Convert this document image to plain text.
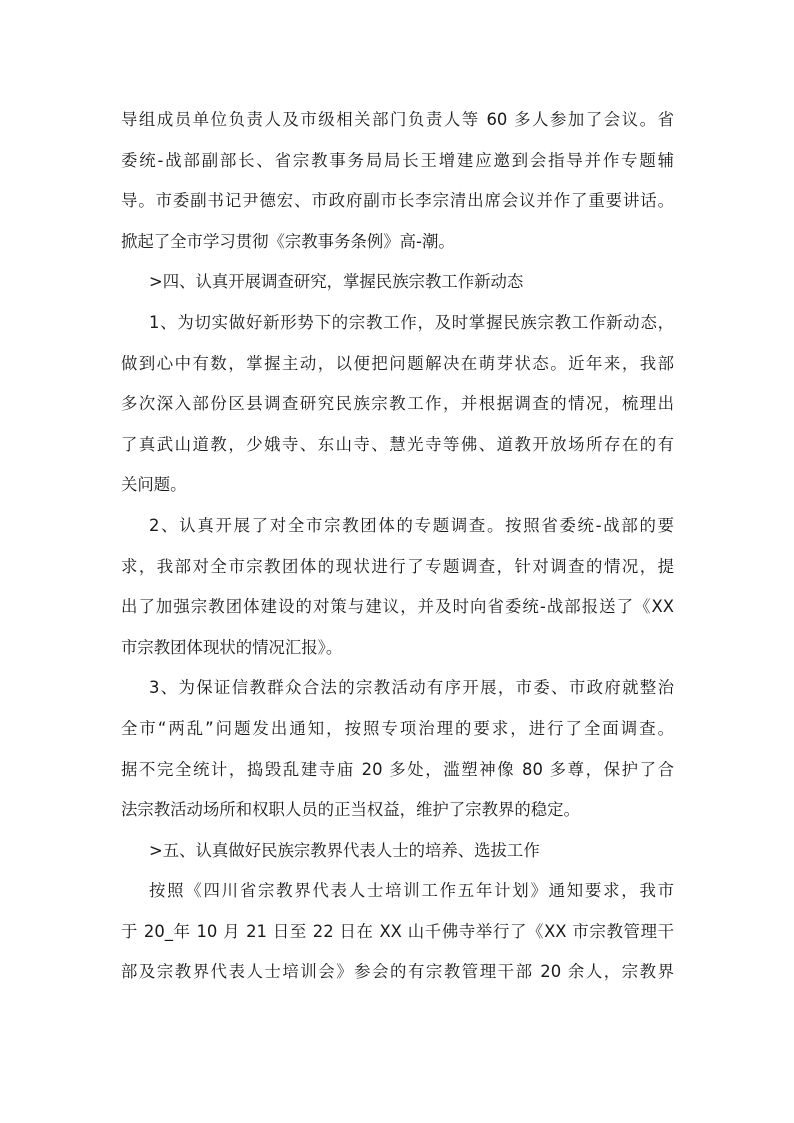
导组成员单位负责人及市级相关部门负责人等 60 多人参加了会议。省
委统-战部副部长、省宗教事务局局长王增建应邀到会指导并作专题辅
导。市委副书记尹德宏、市政府副市长李宗清出席会议并作了重要讲话。
掀起了全市学习贯彻《宗教事务条例》高-潮。
>四、认真开展调查研究，掌握民族宗教工作新动态
1、为切实做好新形势下的宗教工作，及时掌握民族宗教工作新动态，
做到心中有数，掌握主动，以便把问题解决在萌芽状态。近年来，我部
多次深入部份区县调查研究民族宗教工作，并根据调查的情况，梳理出
了真武山道教，少娥寺、东山寺、慧光寺等佛、道教开放场所存在的有
关问题。
2、认真开展了对全市宗教团体的专题调查。按照省委统-战部的要
求，我部对全市宗教团体的现状进行了专题调查，针对调查的情况，提
出了加强宗教团体建设的对策与建议，并及时向省委统-战部报送了《XX
市宗教团体现状的情况汇报》。
3、为保证信教群众合法的宗教活动有序开展，市委、市政府就整治
全市“两乱”问题发出通知，按照专项治理的要求，进行了全面调查。
据不完全统计，捣毁乱建寺庙 20 多处，滥塑神像 80 多尊，保护了合
法宗教活动场所和权职人员的正当权益，维护了宗教界的稳定。
>五、认真做好民族宗教界代表人士的培养、选拔工作
按照《四川省宗教界代表人士培训工作五年计划》通知要求，我市
于 20_年 10 月 21 日至 22 日在 XX 山千佛寺举行了《XX 市宗教管理干
部及宗教界代表人士培训会》参会的有宗教管理干部 20 余人，宗教界
